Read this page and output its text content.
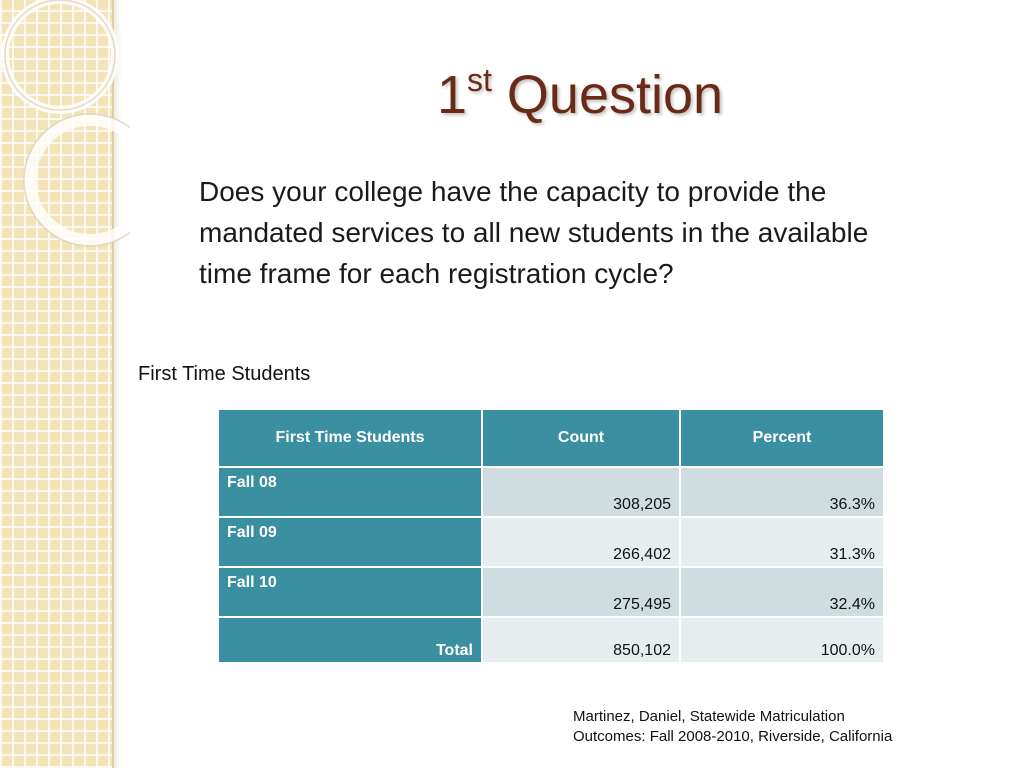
1st Question
Does your college have the capacity to provide the mandated services to all new students in the available time frame for each registration cycle?
First Time Students
First Time Students	Count	Percent
Fall 08	308,205	36.3%
Fall 09	266,402	31.3%
Fall 10	275,495	32.4%
Total	850,102	100.0%
Martinez, Daniel, Statewide Matriculation
Outcomes: Fall 2008-2010, Riverside, California
